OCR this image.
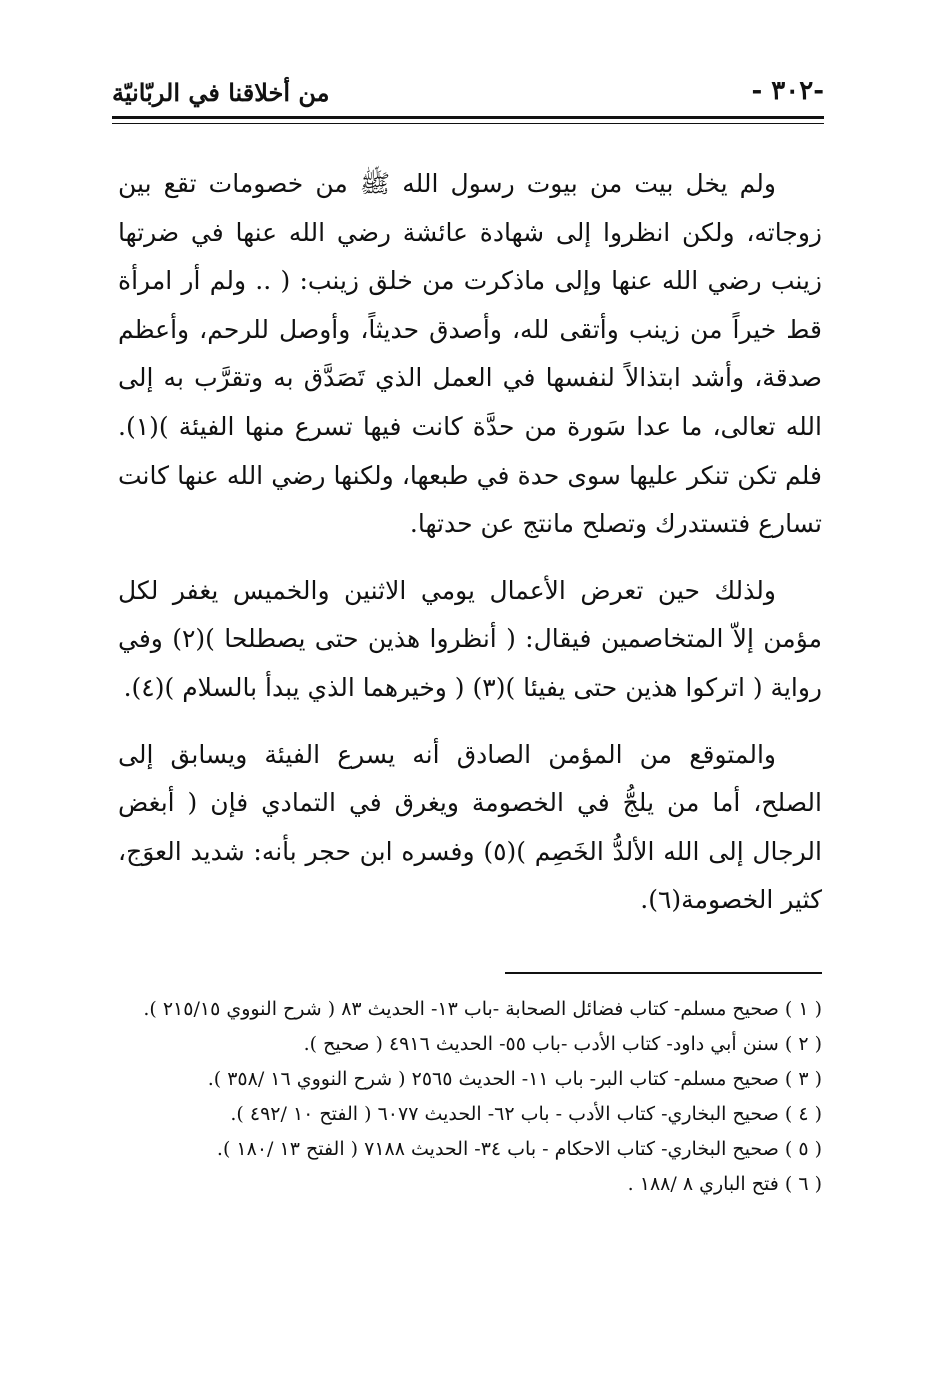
-٣٠٢ -
من أخلاقنا في الربّانيّة

ولم يخل بيت من بيوت رسول الله ﷺ من خصومات تقع بين زوجاته، ولكن انظروا إلى شهادة عائشة رضي الله عنها في ضرتها زينب رضي الله عنها وإلى ماذكرت من خلق زينب: ( .. ولم أر امرأة قط خيراً من زينب وأتقى لله، وأصدق حديثاً، وأوصل للرحم، وأعظم صدقة، وأشد ابتذالاً لنفسها في العمل الذي تَصَدَّق به وتقرَّب به إلى الله تعالى، ما عدا سَورة من حدَّة كانت فيها تسرع منها الفيئة )(١). فلم تكن تنكر عليها سوى حدة في طبعها، ولكنها رضي الله عنها كانت تسارع فتستدرك وتصلح مانتج عن حدتها.

ولذلك حين تعرض الأعمال يومي الاثنين والخميس يغفر لكل مؤمن إلاّ المتخاصمين فيقال: ( أنظروا هذين حتى يصطلحا )(٢) وفي رواية ( اتركوا هذين حتى يفيئا )(٣) ( وخيرهما الذي يبدأ بالسلام )(٤).

والمتوقع من المؤمن الصادق أنه يسرع الفيئة ويسابق إلى الصلح، أما من يلجُّ في الخصومة ويغرق في التمادي فإن ( أبغض الرجال إلى الله الألدُّ الخَصِم )(٥) وفسره ابن حجر بأنه: شديد العوَج، كثير الخصومة(٦).

( ١ ) صحيح مسلم- كتاب فضائل الصحابة -باب ١٣- الحديث ٨٣ ( شرح النووي ٢١٥/١٥ ).

( ٢ ) سنن أبي داود- كتاب الأدب -باب ٥٥- الحديث ٤٩١٦ ( صحيح ).

( ٣ ) صحيح مسلم- كتاب البر- باب ١١- الحديث ٢٥٦٥ ( شرح النووي ١٦ /٣٥٨ ).

( ٤ ) صحيح البخاري- كتاب الأدب - باب ٦٢- الحديث ٦٠٧٧ ( الفتح ١٠ /٤٩٢ ).

( ٥ ) صحيح البخاري- كتاب الاحكام - باب ٣٤- الحديث ٧١٨٨ ( الفتح ١٣ /١٨٠ ).

( ٦ ) فتح الباري ٨ /١٨٨ .
